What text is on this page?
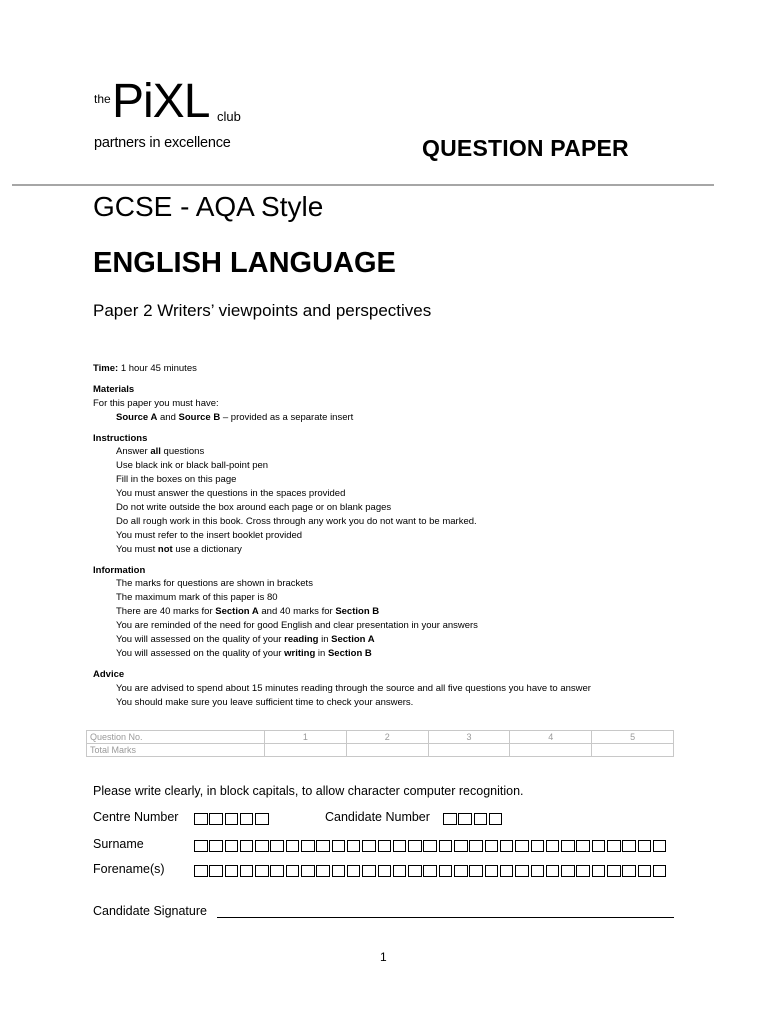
the PiXL club
partners in excellence	QUESTION PAPER
GCSE - AQA Style
ENGLISH LANGUAGE
Paper 2 Writers’ viewpoints and perspectives
Time: 1 hour 45 minutes
Materials
For this paper you must have:
Source A and Source B – provided as a separate insert
Instructions
Answer all questions
Use black ink or black ball-point pen
Fill in the boxes on this page
You must answer the questions in the spaces provided
Do not write outside the box around each page or on blank pages
Do all rough work in this book. Cross through any work you do not want to be marked.
You must refer to the insert booklet provided
You must not use a dictionary
Information
The marks for questions are shown in brackets
The maximum mark of this paper is 80
There are 40 marks for Section A and 40 marks for Section B
You are reminded of the need for good English and clear presentation in your answers
You will assessed on the quality of your reading in Section A
You will assessed on the quality of your writing in Section B
Advice
You are advised to spend about 15 minutes reading through the source and all five questions you have to answer
You should make sure you leave sufficient time to check your answers.
Question No.	1	2	3	4	5
Total Marks					
Please write clearly, in block capitals, to allow character computer recognition.
Centre Number	Candidate Number
Surname
Forename(s)
Candidate Signature
1
